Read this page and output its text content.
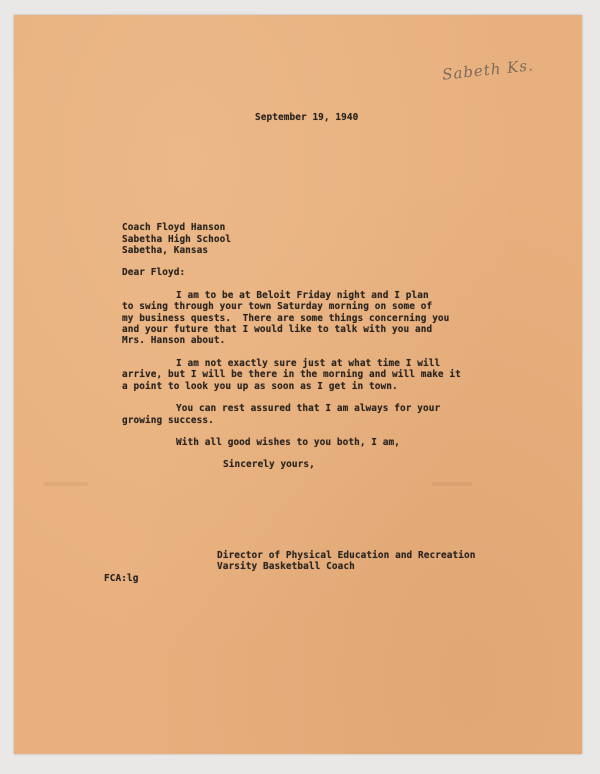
Sabeth Ks.
September 19, 1940
Coach Floyd Hanson
Sabetha High School
Sabetha, Kansas
Dear Floyd:
I am to be at Beloit Friday night and I plan
to swing through your town Saturday morning on some of
my business quests.  There are some things concerning you
and your future that I would like to talk with you and
Mrs. Hanson about.
I am not exactly sure just at what time I will
arrive, but I will be there in the morning and will make it
a point to look you up as soon as I get in town.
You can rest assured that I am always for your
growing success.
With all good wishes to you both, I am,
Sincerely yours,
Director of Physical Education and Recreation
Varsity Basketball Coach
FCA:lg
